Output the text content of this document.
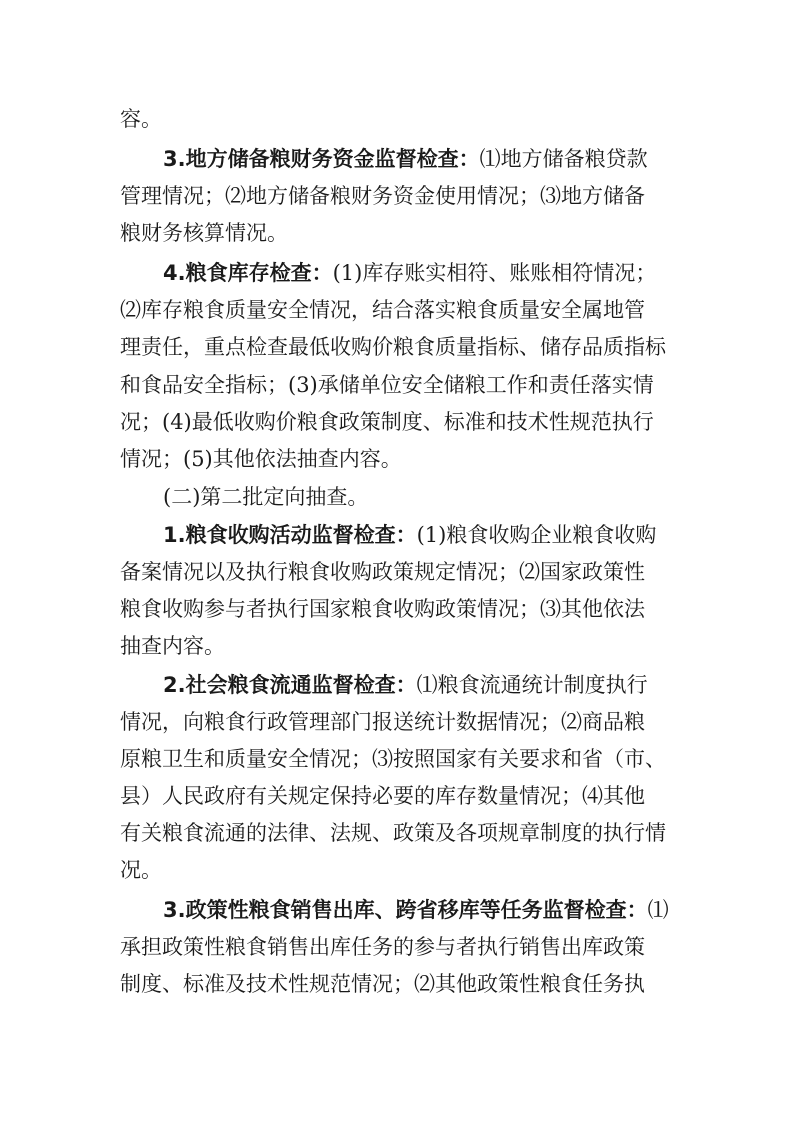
容。
3.地方储备粮财务资金监督检查：⑴地方储备粮贷款
管理情况；⑵地方储备粮财务资金使用情况；⑶地方储备
粮财务核算情况。
4.粮食库存检查：(1)库存账实相符、账账相符情况；
⑵库存粮食质量安全情况，结合落实粮食质量安全属地管
理责任，重点检查最低收购价粮食质量指标、储存品质指标
和食品安全指标；(3)承储单位安全储粮工作和责任落实情
况；(4)最低收购价粮食政策制度、标准和技术性规范执行
情况；(5)其他依法抽查内容。
(二)第二批定向抽查。
1.粮食收购活动监督检查：(1)粮食收购企业粮食收购
备案情况以及执行粮食收购政策规定情况；⑵国家政策性
粮食收购参与者执行国家粮食收购政策情况；⑶其他依法
抽查内容。
2.社会粮食流通监督检查：⑴粮食流通统计制度执行
情况，向粮食行政管理部门报送统计数据情况；⑵商品粮
原粮卫生和质量安全情况；⑶按照国家有关要求和省（市、
县）人民政府有关规定保持必要的库存数量情况；⑷其他
有关粮食流通的法律、法规、政策及各项规章制度的执行情
况。
3.政策性粮食销售出库、跨省移库等任务监督检查：⑴
承担政策性粮食销售出库任务的参与者执行销售出库政策
制度、标准及技术性规范情况；⑵其他政策性粮食任务执
